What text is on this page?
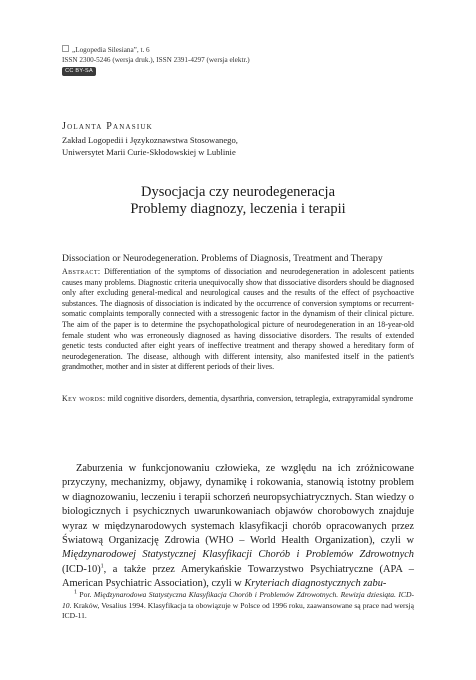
„Logopedia Silesiana”, t. 6
ISSN 2300-5246 (wersja druk.), ISSN 2391-4297 (wersja elektr.)
CC BY-SA
Jolanta Panasiuk
Zakład Logopedii i Językoznawstwa Stosowanego,
Uniwersytet Marii Curie-Skłodowskiej w Lublinie
Dysocjacja czy neurodegeneracja
Problemy diagnozy, leczenia i terapii
Dissociation or Neurodegeneration. Problems of Diagnosis, Treatment and Therapy
Abstract: Differentiation of the symptoms of dissociation and neurodegeneration in adolescent patients causes many problems. Diagnostic criteria unequivocally show that dissociative disorders should be diagnosed only after excluding general-medical and neurological causes and the results of the effect of psychoactive substances. The diagnosis of dissociation is indicated by the occurrence of conversion symptoms or recurrent-somatic complaints temporally connected with a stressogenic factor in the dynamism of their clinical picture. The aim of the paper is to determine the psychopathological picture of neurodegeneration in an 18-year-old female student who was erroneously diagnosed as having dissociative disorders. The results of extended genetic tests conducted after eight years of ineffective treatment and therapy showed a hereditary form of neurodegeneration. The disease, although with different intensity, also manifested itself in the patient's grandmother, mother and in sister at different periods of their lives.
Key words: mild cognitive disorders, dementia, dysarthria, conversion, tetraplegia, extrapyramidal syndrome

Zaburzenia w funkcjonowaniu człowieka, ze względu na ich zróżnicowane przyczyny, mechanizmy, objawy, dynamikę i rokowania, stanowią istotny problem w diagnozowaniu, leczeniu i terapii schorzeń neuropsychiatrycznych. Stan wiedzy o biologicznych i psychicznych uwarunkowaniach objawów chorobowych znajduje wyraz w międzynarodowych systemach klasyfikacji chorób opracowanych przez Światową Organizację Zdrowia (WHO – World Health Organization), czyli w Międzynarodowej Statystycznej Klasyfikacji Chorób i Problemów Zdrowotnych $(ICD-10)^1$, a także przez Amerykańskie Towarzystwo Psychiatryczne (APA – American Psychiatric Association), czyli w Kryteriach diagnostycznych zabu-

$^1$ Por. Międzynarodowa Statystyczna Klasyfikacja Chorób i Problemów Zdrowotnych. Rewizja dziesiąta. ICD-10. Kraków, Vesalius 1994. Klasyfikacja ta obowiązuje w Polsce od 1996 roku, zaawansowane są prace nad wersją ICD-11.
